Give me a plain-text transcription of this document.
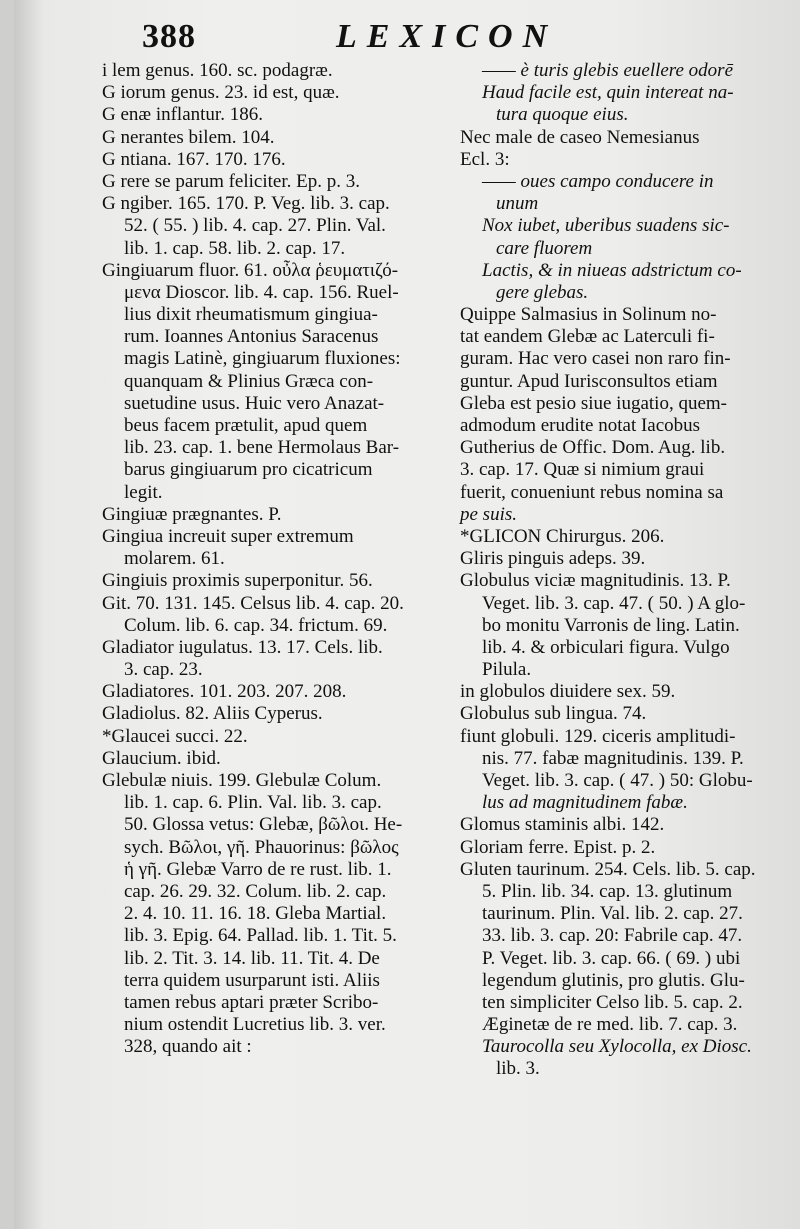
388	LEXICON
i lem genus. 160. sc. podagræ.
G iorum genus. 23. id est, quæ.
G enæ inflantur. 186.
G nerantes bilem. 104.
G ntiana. 167. 170. 176.
G rere se parum feliciter. Ep. p. 3.
G ngiber. 165. 170. P. Veg. lib. 3. cap.
52. ( 55. ) lib. 4. cap. 27. Plin. Val.
lib. 1. cap. 58. lib. 2. cap. 17.
Gingiuarum fluor. 61. οὖλα ῥευματιζό-
μενα Dioscor. lib. 4. cap. 156. Ruel-
lius dixit rheumatismum gingiua-
rum. Ioannes Antonius Saracenus
magis Latinè, gingiuarum fluxiones:
quanquam & Plinius Græca con-
suetudine usus. Huic vero Anazat-
beus facem prætulit, apud quem
lib. 23. cap. 1. bene Hermolaus Bar-
barus gingiuarum pro cicatricum
legit.
Gingiuæ prægnantes. P.
Gingiua increuit super extremum
molarem. 61.
Gingiuis proximis superponitur. 56.
Git. 70. 131. 145. Celsus lib. 4. cap. 20.
Colum. lib. 6. cap. 34. frictum. 69.
Gladiator iugulatus. 13. 17. Cels. lib.
3. cap. 23.
Gladiatores. 101. 203. 207. 208.
Gladiolus. 82. Aliis Cyperus.
*Glaucei succi. 22.
Glaucium. ibid.
Glebulæ niuis. 199. Glebulæ Colum.
lib. 1. cap. 6. Plin. Val. lib. 3. cap.
50. Glossa vetus: Glebæ, βῶλοι. He-
sych. Βῶλοι, γῆ. Phauorinus: βῶλος
ἡ γῆ. Glebæ Varro de re rust. lib. 1.
cap. 26. 29. 32. Colum. lib. 2. cap.
2. 4. 10. 11. 16. 18. Gleba Martial.
lib. 3. Epig. 64. Pallad. lib. 1. Tit. 5.
lib. 2. Tit. 3. 14. lib. 11. Tit. 4. De
terra quidem usurparunt isti. Aliis
tamen rebus aptari præter Scribo-
nium ostendit Lucretius lib. 3. ver.
328, quando ait :
—— è turis glebis euellere odorē
Haud facile est, quin intereat na-
tura quoque eius.
Nec male de caseo Nemesianus
Ecl. 3:
—— oues campo conducere in
unum
Nox iubet, uberibus suadens sic-
care fluorem
Lactis, & in niueas adstrictum co-
gere glebas.
Quippe Salmasius in Solinum no-
tat eandem Glebæ ac Laterculi fi-
guram. Hac vero casei non raro fin-
guntur. Apud Iurisconsultos etiam
Gleba est pesio siue iugatio, quem-
admodum erudite notat Iacobus
Gutherius de Offic. Dom. Aug. lib.
3. cap. 17. Quæ si nimium graui
fuerit, conueniunt rebus nomina sa
pe suis.
*GLICON Chirurgus. 206.
Gliris pinguis adeps. 39.
Globulus viciæ magnitudinis. 13. P.
Veget. lib. 3. cap. 47. ( 50. ) A glo-
bo monitu Varronis de ling. Latin.
lib. 4. & orbiculari figura. Vulgo
Pilula.
in globulos diuidere sex. 59.
Globulus sub lingua. 74.
fiunt globuli. 129. ciceris amplitudi-
nis. 77. fabæ magnitudinis. 139. P.
Veget. lib. 3. cap. ( 47. ) 50: Globu-
lus ad magnitudinem fabæ.
Glomus staminis albi. 142.
Gloriam ferre. Epist. p. 2.
Gluten taurinum. 254. Cels. lib. 5. cap.
5. Plin. lib. 34. cap. 13. glutinum
taurinum. Plin. Val. lib. 2. cap. 27.
33. lib. 3. cap. 20: Fabrile cap. 47.
P. Veget. lib. 3. cap. 66. ( 69. ) ubi
legendum glutinis, pro glutis. Glu-
ten simpliciter Celso lib. 5. cap. 2.
Æginetæ de re med. lib. 7. cap. 3.
Taurocolla seu Xylocolla, ex Diosc.
lib. 3.
